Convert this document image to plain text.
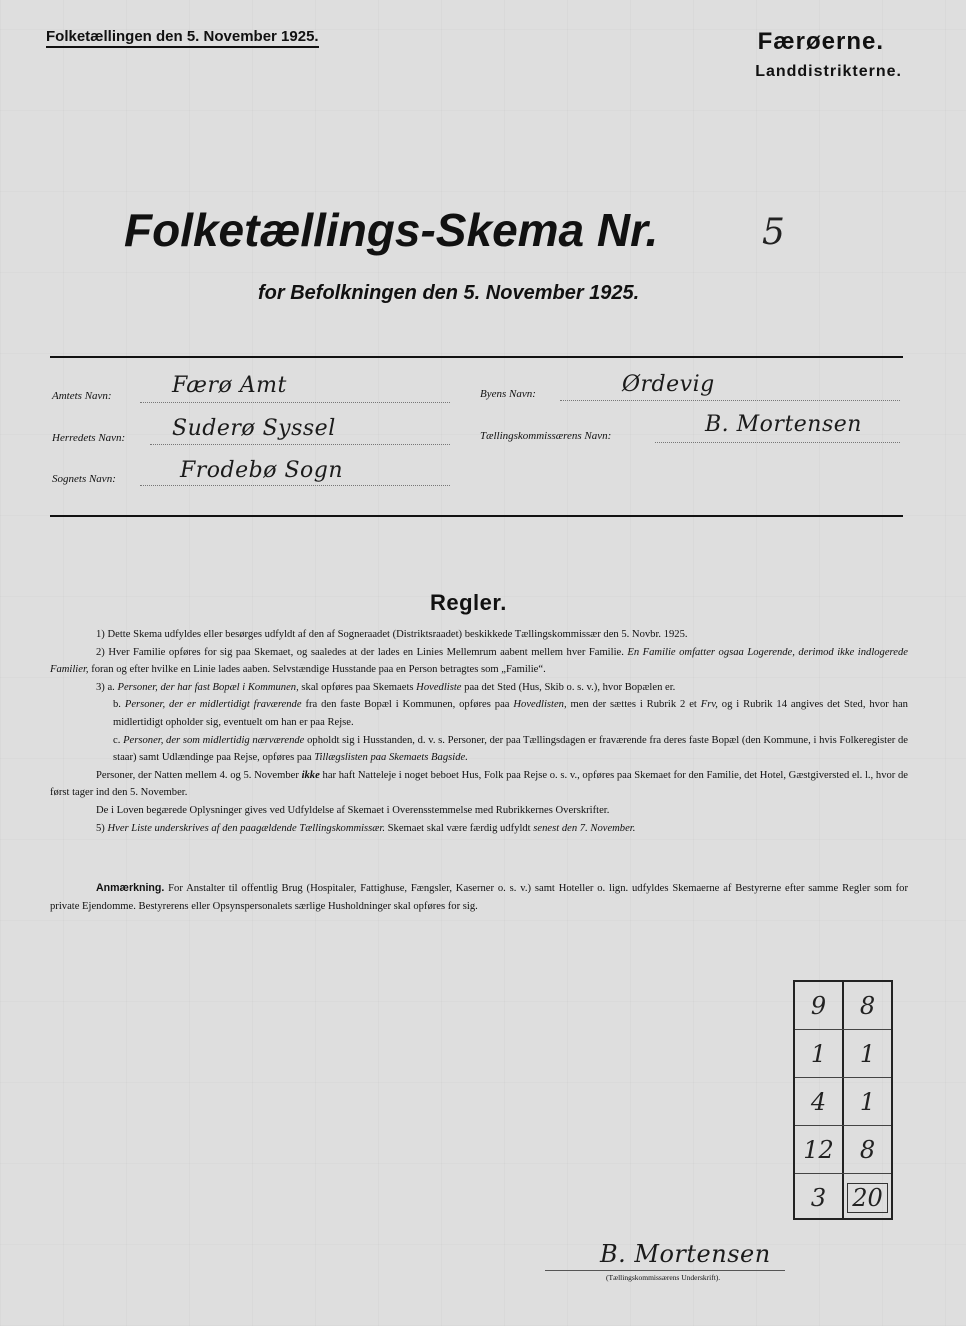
Folketællingen den 5. November 1925.	Færøerne.
Landdistrikterne.
Folketællings-Skema Nr.	5
for Befolkningen den 5. November 1925.
Amtets Navn:	Færø Amt
Herredets Navn: Suderø Syssel
Sognets Navn:	Frodebø Sogn
Byens Navn:	Ørdevig
Tællingskommissærens Navn:	B. Mortensen
Regler.

1) Dette Skema udfyldes eller besørges udfyldt af den af Sogneraadet (Distriktsraadet) beskikkede Tællingskommissær den 5. Novbr. 1925.

2) Hver Familie opføres for sig paa Skemaet, og saaledes at der lades en Linies Mellemrum aabent mellem hver Familie. En Familie omfatter ogsaa Logerende, derimod ikke indlogerede Familier, foran og efter hvilke en Linie lades aaben. Selvstændige Husstande paa en Person betragtes som „Familie“.

3) a. Personer, der har fast Bopæl i Kommunen, skal opføres paa Skemaets Hovedliste paa det Sted (Hus, Skib o. s. v.), hvor Bopælen er.

b. Personer, der er midlertidigt fraværende fra den faste Bopæl i Kommunen, opføres paa Hovedlisten, men der sættes i Rubrik 2 et Frv, og i Rubrik 14 angives det Sted, hvor han midlertidigt opholder sig, eventuelt om han er paa Rejse.

c. Personer, der som midlertidig nærværende opholdt sig i Husstanden, d. v. s. Personer, der paa Tællingsdagen er fraværende fra deres faste Bopæl (den Kommune, i hvis Folkeregister de staar) samt Udlændinge paa Rejse, opføres paa Tillægslisten paa Skemaets Bagside.

Personer, der Natten mellem 4. og 5. November ikke har haft Natteleje i noget beboet Hus, Folk paa Rejse o. s. v., opføres paa Skemaet for den Familie, det Hotel, Gæstgiversted el. l., hvor de først tager ind den 5. November.

De i Loven begærede Oplysninger gives ved Udfyldelse af Skemaet i Overensstemmelse med Rubrikkernes Overskrifter.

5) Hver Liste underskrives af den paagældende Tællingskommissær. Skemaet skal være færdig udfyldt senest den 7. November.

Anmærkning. For Anstalter til offentlig Brug (Hospitaler, Fattighuse, Fængsler, Kaserner o. s. v.) samt Hoteller o. lign. udfyldes Skemaerne af Bestyrerne efter samme Regler som for private Ejendomme. Bestyrerens eller Opsynspersonalets særlige Husholdninger skal opføres for sig.
9	8
1	1
4	1
12	8
3	20
B. Mortensen
(Tællingskommissærens Underskrift).
